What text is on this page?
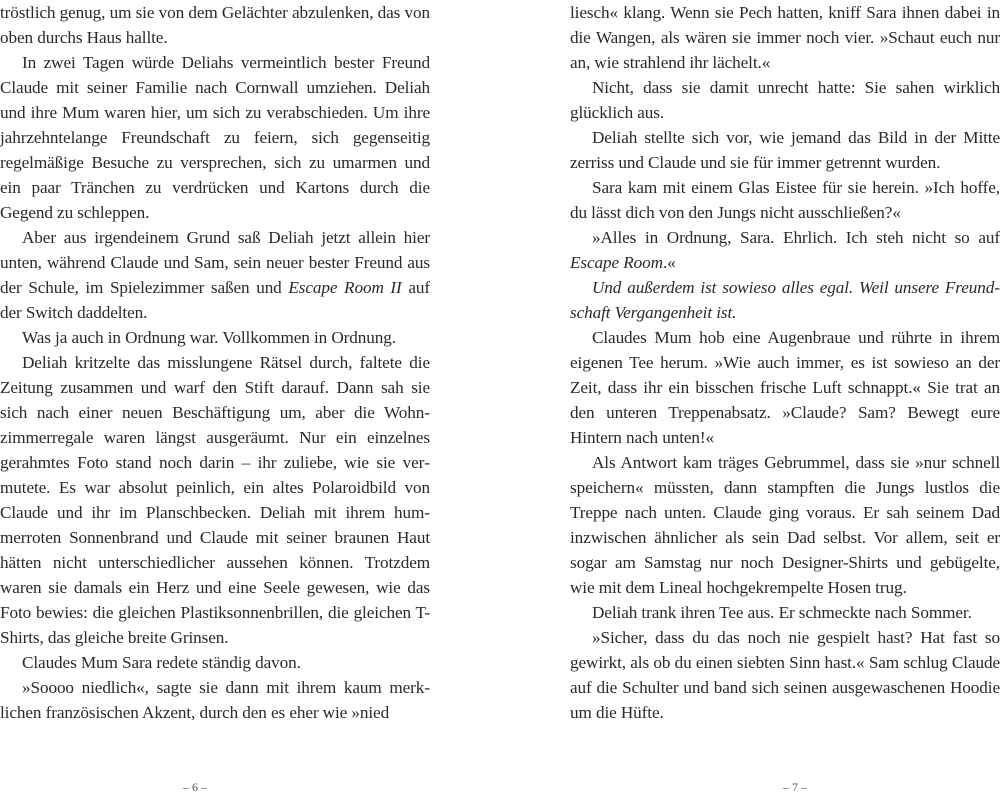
tröstlich genug, um sie von dem Gelächter abzulenken, das von oben durchs Haus hallte.

In zwei Tagen würde Deliahs vermeintlich bester Freund Claude mit seiner Familie nach Cornwall umziehen. Deliah und ihre Mum waren hier, um sich zu verabschieden. Um ihre jahrzehntelange Freundschaft zu feiern, sich gegenseitig regelmäßige Besuche zu versprechen, sich zu umarmen und ein paar Tränchen zu verdrücken und Kartons durch die Gegend zu schleppen.

Aber aus irgendeinem Grund saß Deliah jetzt allein hier unten, während Claude und Sam, sein neuer bester Freund aus der Schule, im Spielezimmer saßen und Escape Room II auf der Switch daddelten.

Was ja auch in Ordnung war. Vollkommen in Ordnung.

Deliah kritzelte das misslungene Rätsel durch, faltete die Zeitung zusammen und warf den Stift darauf. Dann sah sie sich nach einer neuen Beschäftigung um, aber die Wohnzimmerregale waren längst ausgeräumt. Nur ein einzelnes gerahmtes Foto stand noch darin – ihr zuliebe, wie sie vermutete. Es war absolut peinlich, ein altes Polaroidbild von Claude und ihr im Planschbecken. Deliah mit ihrem hummerroten Sonnenbrand und Claude mit seiner braunen Haut hätten nicht unterschiedlicher aussehen können. Trotzdem waren sie damals ein Herz und eine Seele gewesen, wie das Foto bewies: die gleichen Plastiksonnenbrillen, die gleichen T-Shirts, das gleiche breite Grinsen.

Claudes Mum Sara redete ständig davon.

»Soooo niedlich«, sagte sie dann mit ihrem kaum merklichen französischen Akzent, durch den es eher wie »nied

– 6 –

liesch« klang. Wenn sie Pech hatten, kniff Sara ihnen dabei in die Wangen, als wären sie immer noch vier. »Schaut euch nur an, wie strahlend ihr lächelt.«

Nicht, dass sie damit unrecht hatte: Sie sahen wirklich glücklich aus.

Deliah stellte sich vor, wie jemand das Bild in der Mitte zerriss und Claude und sie für immer getrennt wurden.

Sara kam mit einem Glas Eistee für sie herein. »Ich hoffe, du lässt dich von den Jungs nicht ausschließen?«

»Alles in Ordnung, Sara. Ehrlich. Ich steh nicht so auf Escape Room.«

Und außerdem ist sowieso alles egal. Weil unsere Freundschaft Vergangenheit ist.

Claudes Mum hob eine Augenbraue und rührte in ihrem eigenen Tee herum. »Wie auch immer, es ist sowieso an der Zeit, dass ihr ein bisschen frische Luft schnappt.« Sie trat an den unteren Treppenabsatz. »Claude? Sam? Bewegt eure Hintern nach unten!«

Als Antwort kam träges Gebrummel, dass sie »nur schnell speichern« müssten, dann stampften die Jungs lustlos die Treppe nach unten. Claude ging voraus. Er sah seinem Dad inzwischen ähnlicher als sein Dad selbst. Vor allem, seit er sogar am Samstag nur noch Designer-Shirts und gebügelte, wie mit dem Lineal hochgekrempelte Hosen trug.

Deliah trank ihren Tee aus. Er schmeckte nach Sommer.

»Sicher, dass du das noch nie gespielt hast? Hat fast so gewirkt, als ob du einen siebten Sinn hast.« Sam schlug Claude auf die Schulter und band sich seinen ausgewaschenen Hoodie um die Hüfte.

– 7 –
